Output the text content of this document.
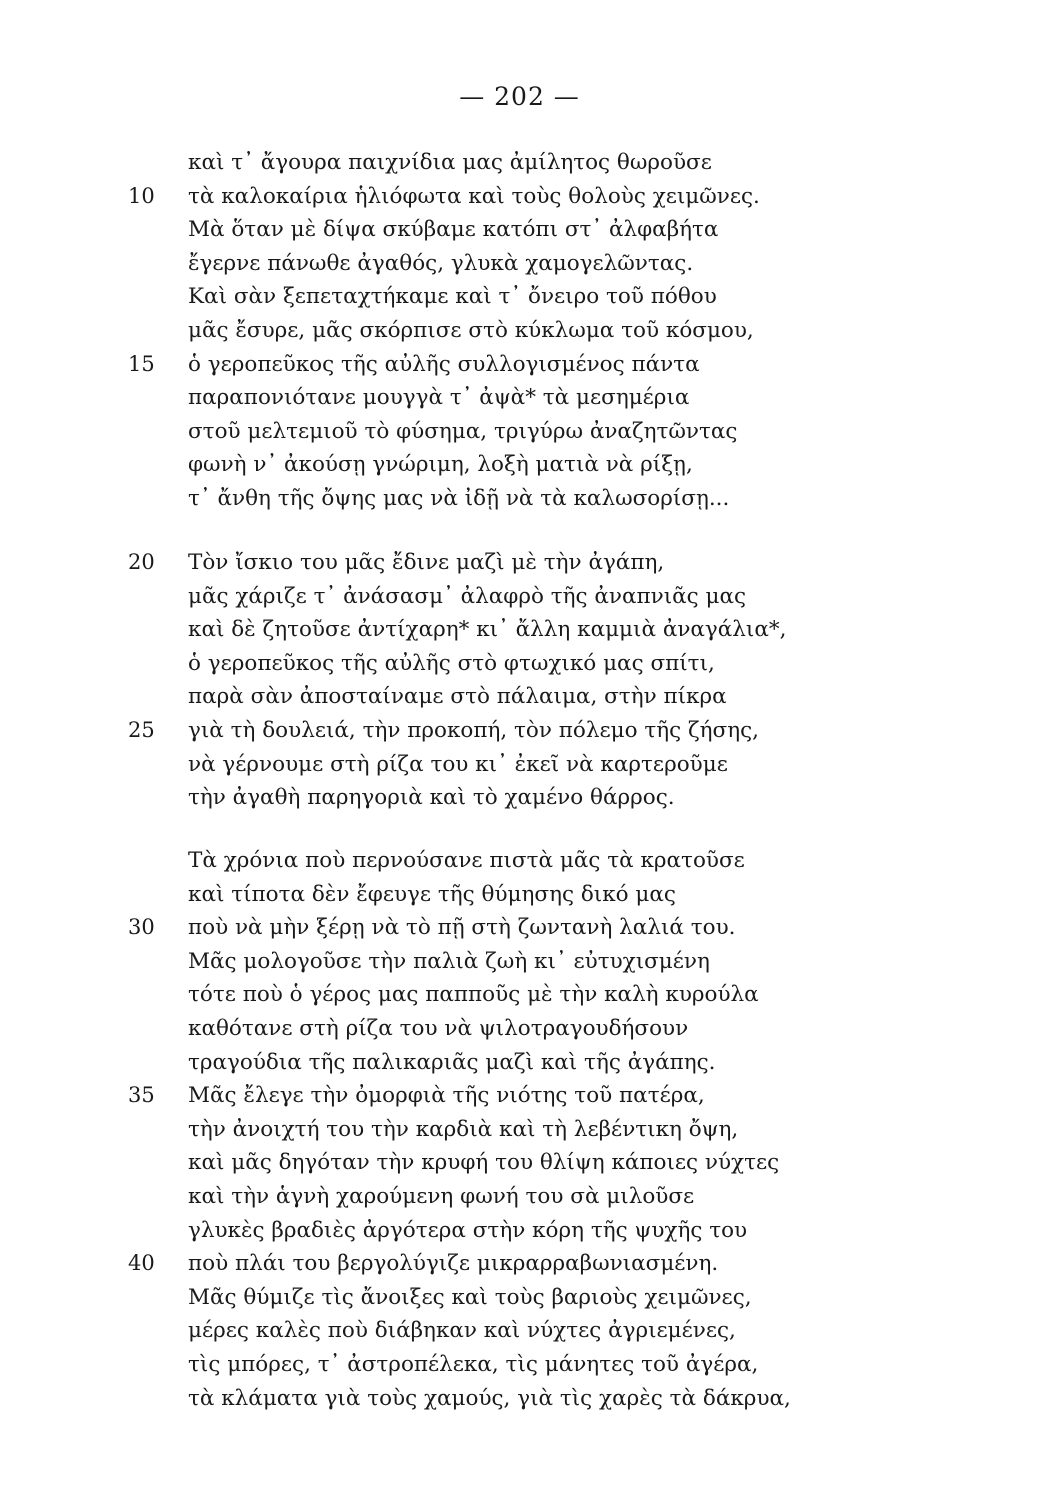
— 202 —
καὶ τ᾿ ἄγουρα παιχνίδια μας ἀμίλητος θωροῦσε
10	τὰ καλοκαίρια ἡλιόφωτα καὶ τοὺς θολοὺς χειμῶνες.
Μὰ ὅταν μὲ δίψα σκύβαμε κατόπι στ᾿ ἀλφαβήτα
ἔγερνε πάνωθε ἀγαθός, γλυκὰ χαμογελῶντας.
Καὶ σὰν ξεπεταχτήκαμε καὶ τ᾿ ὄνειρο τοῦ πόθου
μᾶς ἔσυρε, μᾶς σκόρπισε στὸ κύκλωμα τοῦ κόσμου,
15	ὁ γεροπεῦκος τῆς αὐλῆς συλλογισμένος πάντα
παραπονιότανε μουγγὰ τ᾿ ἀψὰ* τὰ μεσημέρια
στοῦ μελτεμιοῦ τὸ φύσημα, τριγύρω ἀναζητῶντας
φωνὴ ν᾿ ἀκούσῃ γνώριμη, λοξὴ ματιὰ νὰ ρίξῃ,
τ᾿ ἄνθη τῆς ὄψης μας νὰ ἰδῇ νὰ τὰ καλωσορίσῃ...
20	Τὸν ἴσκιο του μᾶς ἔδινε μαζὶ μὲ τὴν ἀγάπη,
μᾶς χάριζε τ᾿ ἀνάσασμ᾿ ἀλαφρὸ τῆς ἀναπνιᾶς μας
καὶ δὲ ζητοῦσε ἀντίχαρη* κι᾿ ἄλλη καμμιὰ ἀναγάλια*,
ὁ γεροπεῦκος τῆς αὐλῆς στὸ φτωχικό μας σπίτι,
παρὰ σὰν ἀποσταίναμε στὸ πάλαιμα, στὴν πίκρα
25	γιὰ τὴ δουλειά, τὴν προκοπή, τὸν πόλεμο τῆς ζήσης,
νὰ γέρνουμε στὴ ρίζα του κι᾿ ἐκεῖ νὰ καρτεροῦμε
τὴν ἀγαθὴ παρηγοριὰ καὶ τὸ χαμένο θάρρος.
Τὰ χρόνια ποὺ περνούσανε πιστὰ μᾶς τὰ κρατοῦσε
καὶ τίποτα δὲν ἔφευγε τῆς θύμησης δικό μας
30	ποὺ νὰ μὴν ξέρῃ νὰ τὸ πῇ στὴ ζωντανὴ λαλιά του.
Μᾶς μολογοῦσε τὴν παλιὰ ζωὴ κι᾿ εὐτυχισμένη
τότε ποὺ ὁ γέρος μας παπποῦς μὲ τὴν καλὴ κυρούλα
καθότανε στὴ ρίζα του νὰ ψιλοτραγουδήσουν
τραγούδια τῆς παλικαριᾶς μαζὶ καὶ τῆς ἀγάπης.
35	Μᾶς ἔλεγε τὴν ὀμορφιὰ τῆς νιότης τοῦ πατέρα,
τὴν ἀνοιχτή του τὴν καρδιὰ καὶ τὴ λεβέντικη ὄψη,
καὶ μᾶς δηγόταν τὴν κρυφή του θλίψη κάποιες νύχτες
καὶ τὴν ἁγνὴ χαρούμενη φωνή του σὰ μιλοῦσε
γλυκὲς βραδιὲς ἀργότερα στὴν κόρη τῆς ψυχῆς του
40	ποὺ πλάι του βεργολύγιζε μικραρραβωνιασμένη.
Μᾶς θύμιζε τὶς ἄνοιξες καὶ τοὺς βαριοὺς χειμῶνες,
μέρες καλὲς ποὺ διάβηκαν καὶ νύχτες ἀγριεμένες,
τὶς μπόρες, τ᾿ ἀστροπέλεκα, τὶς μάνητες τοῦ ἀγέρα,
τὰ κλάματα γιὰ τοὺς χαμούς, γιὰ τὶς χαρὲς τὰ δάκρυα,
